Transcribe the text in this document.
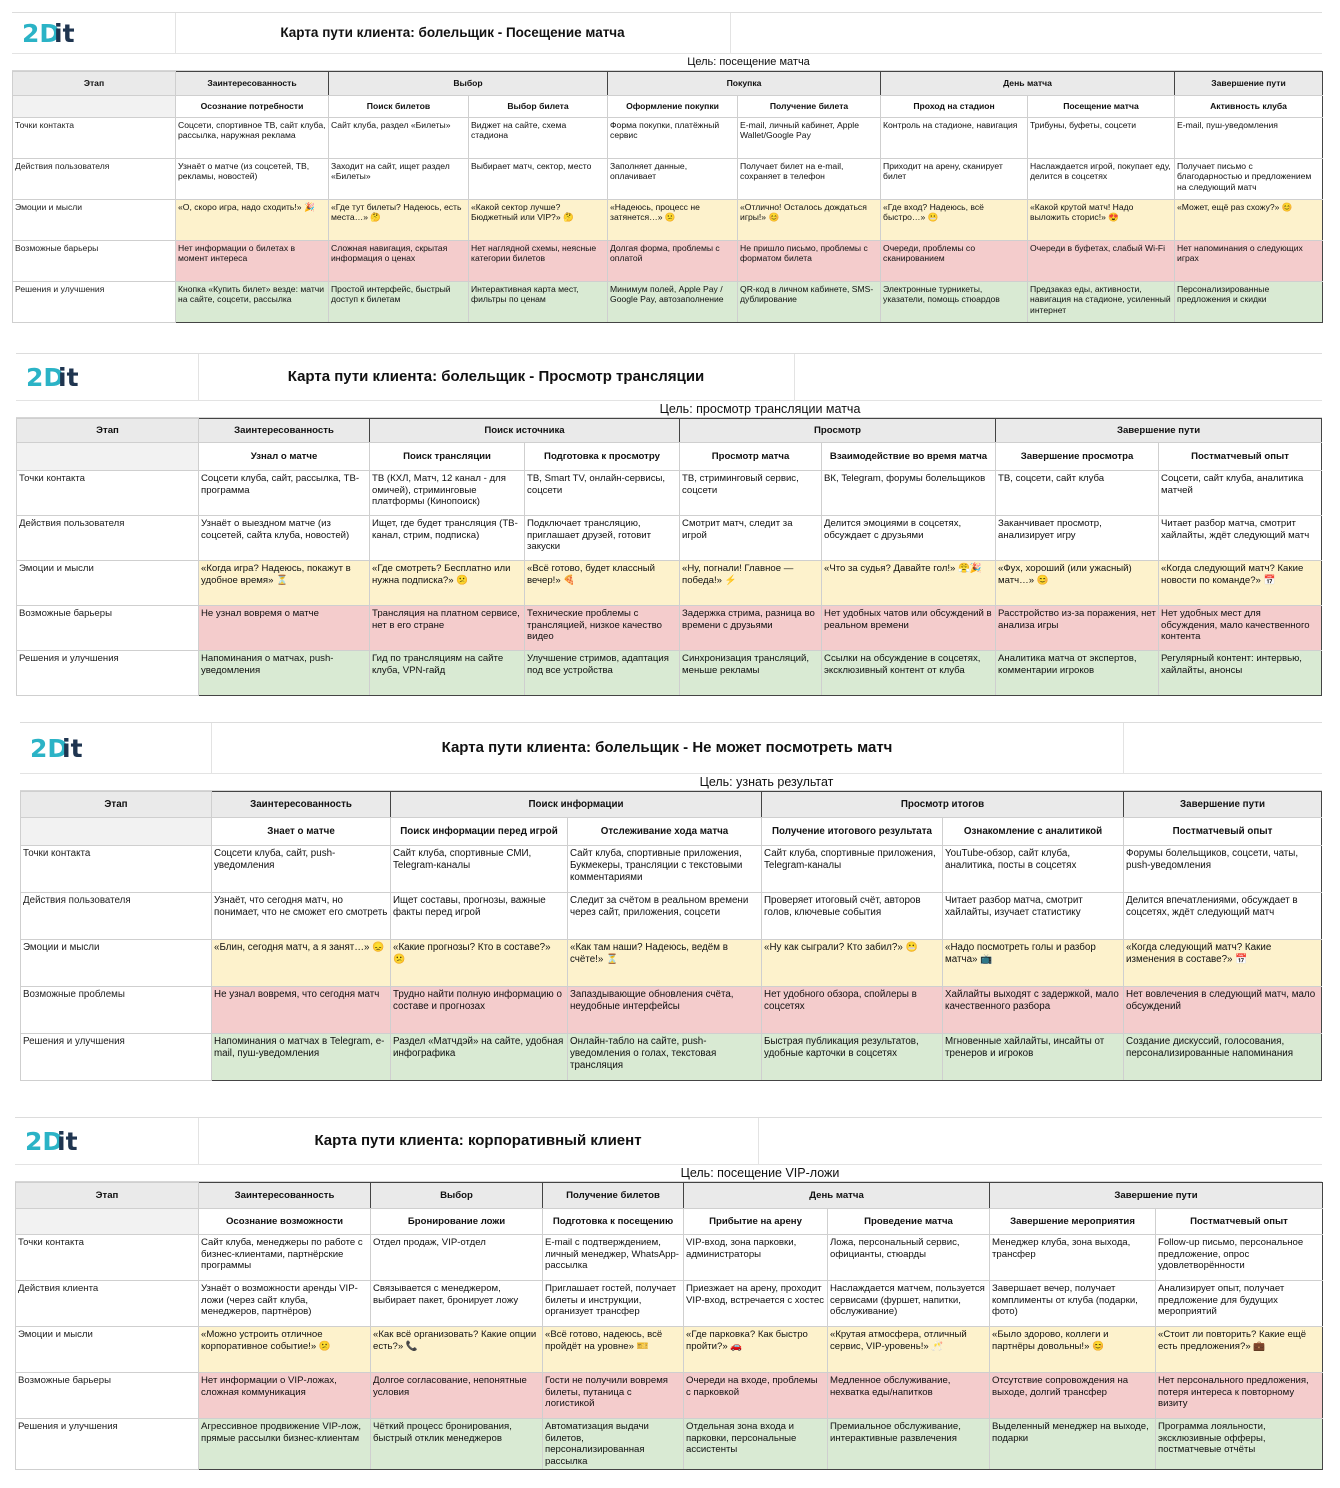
2D
it	Карта пути клиента: болельщик - Посещение матча
Цель: посещение матча
Этап	Заинтересованность	Выбор		Покупка		День матча		Завершение пути
	Осознание потребности	Поиск билетов	Выбор билета	Оформление покупки	Получение билета	Проход на стадион	Посещение матча	Активность клуба
Точки контакта	Соцсети, спортивное ТВ, сайт клуба, рассылка, наружная реклама	Сайт клуба, раздел «Билеты»	Виджет на сайте, схема стадиона	Форма покупки, платёжный сервис	E-mail, личный кабинет, Apple Wallet/Google Pay	Контроль на стадионе, навигация	Трибуны, буфеты, соцсети	E-mail, пуш-уведомления
Действия пользователя	Узнаёт о матче (из соцсетей, ТВ, рекламы, новостей)	Заходит на сайт, ищет раздел «Билеты»	Выбирает матч, сектор, место	Заполняет данные, оплачивает	Получает билет на e-mail, сохраняет в телефон	Приходит на арену, сканирует билет	Наслаждается игрой, покупает еду, делится в соцсетях	Получает письмо с благодарностью и предложением на следующий матч
Эмоции и мысли	«О, скоро игра, надо сходить!» 🎉	«Где тут билеты? Надеюсь, есть места…» 🤔	«Какой сектор лучше? Бюджетный или VIP?» 🤔	«Надеюсь, процесс не затянется…» 😕	«Отлично! Осталось дождаться игры!» 😊	«Где вход? Надеюсь, всё быстро…» 😬	«Какой крутой матч! Надо выложить сторис!» 😍	«Может, ещё раз схожу?» 😊
Возможные барьеры	Нет информации о билетах в момент интереса	Сложная навигация, скрытая информация о ценах	Нет наглядной схемы, неясные категории билетов	Долгая форма, проблемы с оплатой	Не пришло письмо, проблемы с форматом билета	Очереди, проблемы со сканированием	Очереди в буфетах, слабый Wi-Fi	Нет напоминания о следующих играх
Решения и улучшения	Кнопка «Купить билет» везде: матчи на сайте, соцсети, рассылка	Простой интерфейс, быстрый доступ к билетам	Интерактивная карта мест, фильтры по ценам	Минимум полей, Apple Pay / Google Pay, автозаполнение	QR-код в личном кабинете, SMS-дублирование	Электронные турникеты, указатели, помощь стюардов	Предзаказ еды, активности, навигация на стадионе, усиленный интернет	Персонализированные предложения и скидки
2D
it	Карта пути клиента: болельщик - Просмотр трансляции
Цель: просмотр трансляции матча
Этап	Заинтересованность	Поиск источника		Просмотр		Завершение пути	
	Узнал о матче	Поиск трансляции	Подготовка к просмотру	Просмотр матча	Взаимодействие во время матча	Завершение просмотра	Постматчевый опыт
Точки контакта	Соцсети клуба, сайт, рассылка, ТВ-программа	ТВ (КХЛ, Матч, 12 канал - для омичей), стриминговые платформы (Кинопоиск)	ТВ, Smart TV, онлайн-сервисы, соцсети	ТВ, стриминговый сервис, соцсети	ВК, Telegram, форумы болельщиков	ТВ, соцсети, сайт клуба	Соцсети, сайт клуба, аналитика матчей
Действия пользователя	Узнаёт о выездном матче (из соцсетей, сайта клуба, новостей)	Ищет, где будет трансляция (ТВ-канал, стрим, подписка)	Подключает трансляцию, приглашает друзей, готовит закуски	Смотрит матч, следит за игрой	Делится эмоциями в соцсетях, обсуждает с друзьями	Заканчивает просмотр, анализирует игру	Читает разбор матча, смотрит хайлайты, ждёт следующий матч
Эмоции и мысли	«Когда игра? Надеюсь, покажут в удобное время» ⏳	«Где смотреть? Бесплатно или нужна подписка?» 😕	«Всё готово, будет классный вечер!» 🍕	«Ну, погнали! Главное — победа!» ⚡	«Что за судья? Давайте гол!» 😤🎉	«Фух, хороший (или ужасный) матч…» 😊	«Когда следующий матч? Какие новости по команде?» 📅
Возможные барьеры	Не узнал вовремя о матче	Трансляция на платном сервисе, нет в его стране	Технические проблемы с трансляцией, низкое качество видео	Задержка стрима, разница во времени с друзьями	Нет удобных чатов или обсуждений в реальном времени	Расстройство из-за поражения, нет анализа игры	Нет удобных мест для обсуждения, мало качественного контента
Решения и улучшения	Напоминания о матчах, push-уведомления	Гид по трансляциям на сайте клуба, VPN-гайд	Улучшение стримов, адаптация под все устройства	Синхронизация трансляций, меньше рекламы	Ссылки на обсуждение в соцсетях, эксклюзивный контент от клуба	Аналитика матча от экспертов, комментарии игроков	Регулярный контент: интервью, хайлайты, анонсы
2D
it	Карта пути клиента: болельщик - Не может посмотреть матч
Цель: узнать результат
Этап	Заинтересованность	Поиск информации		Просмотр итогов		Завершение пути
	Знает о матче	Поиск информации перед игрой	Отслеживание хода матча	Получение итогового результата	Ознакомление с аналитикой	Постматчевый опыт
Точки контакта	Соцсети клуба, сайт, push-уведомления	Сайт клуба, спортивные СМИ, Telegram-каналы	Сайт клуба, спортивные приложения, Букмекеры, трансляции с текстовыми комментариями	Сайт клуба, спортивные приложения, Telegram-каналы	YouTube-обзор, сайт клуба, аналитика, посты в соцсетях	Форумы болельщиков, соцсети, чаты, push-уведомления
Действия пользователя	Узнаёт, что сегодня матч, но понимает, что не сможет его смотреть	Ищет составы, прогнозы, важные факты перед игрой	Следит за счётом в реальном времени через сайт, приложения, соцсети	Проверяет итоговый счёт, авторов голов, ключевые события	Читает разбор матча, смотрит хайлайты, изучает статистику	Делится впечатлениями, обсуждает в соцсетях, ждёт следующий матч
Эмоции и мысли	«Блин, сегодня матч, а я занят…» 😞	«Какие прогнозы? Кто в составе?» 😕	«Как там наши? Надеюсь, ведём в счёте!» ⏳	«Ну как сыграли? Кто забил?» 😬	«Надо посмотреть голы и разбор матча» 📺	«Когда следующий матч? Какие изменения в составе?» 📅
Возможные проблемы	Не узнал вовремя, что сегодня матч	Трудно найти полную информацию о составе и прогнозах	Запаздывающие обновления счёта, неудобные интерфейсы	Нет удобного обзора, спойлеры в соцсетях	Хайлайты выходят с задержкой, мало качественного разбора	Нет вовлечения в следующий матч, мало обсуждений
Решения и улучшения	Напоминания о матчах в Telegram, e-mail, пуш-уведомления	Раздел «Матчдэй» на сайте, удобная инфографика	Онлайн-табло на сайте, push-уведомления о голах, текстовая трансляция	Быстрая публикация результатов, удобные карточки в соцсетях	Мгновенные хайлайты, инсайты от тренеров и игроков	Создание дискуссий, голосования, персонализированные напоминания
2D
it	Карта пути клиента: корпоративный клиент
Цель: посещение VIP-ложи
Этап	Заинтересованность	Выбор	Получение билетов	День матча		Завершение пути	
	Осознание возможности	Бронирование ложи	Подготовка к посещению	Прибытие на арену	Проведение матча	Завершение мероприятия	Постматчевый опыт
Точки контакта	Сайт клуба, менеджеры по работе с бизнес-клиентами, партнёрские программы	Отдел продаж, VIP-отдел	E-mail с подтверждением, личный менеджер, WhatsApp-рассылка	VIP-вход, зона парковки, администраторы	Ложа, персональный сервис, официанты, стюарды	Менеджер клуба, зона выхода, трансфер	Follow-up письмо, персональное предложение, опрос удовлетворённости
Действия клиента	Узнаёт о возможности аренды VIP-ложи (через сайт клуба, менеджеров, партнёров)	Связывается с менеджером, выбирает пакет, бронирует ложу	Приглашает гостей, получает билеты и инструкции, организует трансфер	Приезжает на арену, проходит VIP-вход, встречается с хостес	Наслаждается матчем, пользуется сервисами (фуршет, напитки, обслуживание)	Завершает вечер, получает комплименты от клуба (подарки, фото)	Анализирует опыт, получает предложение для будущих мероприятий
Эмоции и мысли	«Можно устроить отличное корпоративное событие!» 😕	«Как всё организовать? Какие опции есть?» 📞	«Всё готово, надеюсь, всё пройдёт на уровне» 🎫	«Где парковка? Как быстро пройти?» 🚗	«Крутая атмосфера, отличный сервис, VIP-уровень!» 🥂	«Было здорово, коллеги и партнёры довольны!» 😊	«Стоит ли повторить? Какие ещё есть предложения?» 💼
Возможные барьеры	Нет информации о VIP-ложах, сложная коммуникация	Долгое согласование, непонятные условия	Гости не получили вовремя билеты, путаница с логистикой	Очереди на входе, проблемы с парковкой	Медленное обслуживание, нехватка еды/напитков	Отсутствие сопровождения на выходе, долгий трансфер	Нет персонального предложения, потеря интереса к повторному визиту
Решения и улучшения	Агрессивное продвижение VIP-лож, прямые рассылки бизнес-клиентам	Чёткий процесс бронирования, быстрый отклик менеджеров	Автоматизация выдачи билетов, персонализированная рассылка	Отдельная зона входа и парковки, персональные ассистенты	Премиальное обслуживание, интерактивные развлечения	Выделенный менеджер на выходе, подарки	Программа лояльности, эксклюзивные офферы, постматчевые отчёты
